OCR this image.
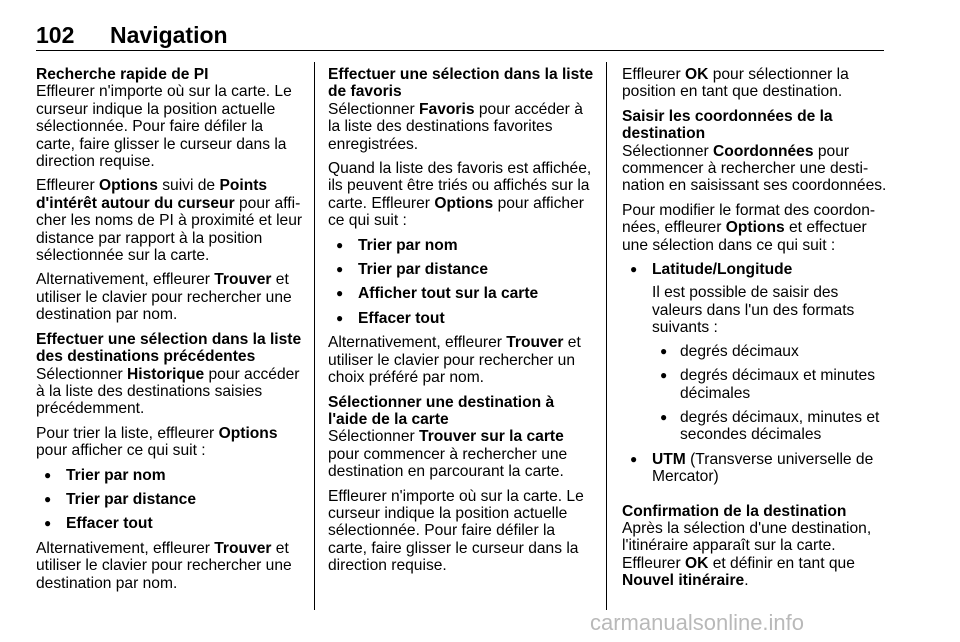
102 Navigation
Recherche rapide de PI

Effleurer n'importe où sur la carte. Le curseur indique la position actuelle sélectionnée. Pour faire défiler la carte, faire glisser le curseur dans la direction requise.

Effleurer Options suivi de Points d'intérêt autour du curseur pour afficher les noms de PI à proximité et leur distance par rapport à la position sélectionnée sur la carte.

Alternativement, effleurer Trouver et utiliser le clavier pour rechercher une destination par nom.

Effectuer une sélection dans la liste des destinations précédentes

Sélectionner Historique pour accéder à la liste des destinations saisies précédemment.

Pour trier la liste, effleurer Options pour afficher ce qui suit :

● Trier par nom
● Trier par distance
● Effacer tout

Alternativement, effleurer Trouver et utiliser le clavier pour rechercher une destination par nom.

Effectuer une sélection dans la liste de favoris

Sélectionner Favoris pour accéder à la liste des destinations favorites enregistrées.

Quand la liste des favoris est affichée, ils peuvent être triés ou affichés sur la carte. Effleurer Options pour afficher ce qui suit :

● Trier par nom
● Trier par distance
● Afficher tout sur la carte
● Effacer tout

Alternativement, effleurer Trouver et utiliser le clavier pour rechercher un choix préféré par nom.

Sélectionner une destination à l'aide de la carte

Sélectionner Trouver sur la carte pour commencer à rechercher une destination en parcourant la carte.

Effleurer n'importe où sur la carte. Le curseur indique la position actuelle sélectionnée. Pour faire défiler la carte, faire glisser le curseur dans la direction requise.

Effleurer OK pour sélectionner la position en tant que destination.

Saisir les coordonnées de la destination

Sélectionner Coordonnées pour commencer à rechercher une destination en saisissant ses coordonnées.

Pour modifier le format des coordonnées, effleurer Options et effectuer une sélection dans ce qui suit :

● Latitude/Longitude
Il est possible de saisir des valeurs dans l'un des formats suivants :
● degrés décimaux
● degrés décimaux et minutes décimales
● degrés décimaux, minutes et secondes décimales
● UTM (Transverse universelle de Mercator)
Confirmation de la destination

Après la sélection d'une destination, l'itinéraire apparaît sur la carte.

Effleurer OK et définir en tant que Nouvel itinéraire.

carmanualsonline.info
